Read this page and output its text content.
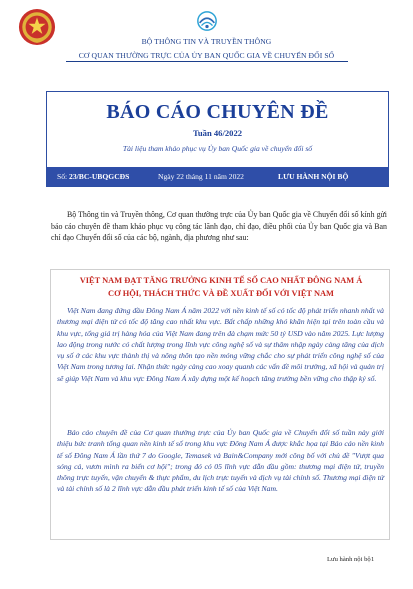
BỘ THÔNG TIN VÀ TRUYỀN THÔNG
CƠ QUAN THƯỜNG TRỰC CỦA ỦY BAN QUỐC GIA VỀ CHUYỂN ĐỔI SỐ
BÁO CÁO CHUYÊN ĐỀ
Tuần 46/2022
Tài liệu tham khảo phục vụ Ủy ban Quốc gia về chuyển đổi số
Số: 23/BC-UBQGCĐS	Ngày 22 tháng 11 năm 2022	LƯU HÀNH NỘI BỘ
Bộ Thông tin và Truyền thông, Cơ quan thường trực của Ủy ban Quốc gia về Chuyển đổi số kính gửi báo cáo chuyên đề tham khảo phục vụ công tác lãnh đạo, chỉ đạo, điều phối của Ủy ban Quốc gia và Ban chỉ đạo Chuyển đổi số của các bộ, ngành, địa phương như sau:
VIỆT NAM ĐẠT TĂNG TRƯỞNG KINH TẾ SỐ CAO NHẤT ĐÔNG NAM Á
CƠ HỘI, THÁCH THỨC VÀ ĐỀ XUẤT ĐỐI VỚI VIỆT NAM
Việt Nam đang đứng đầu Đông Nam Á năm 2022 với nền kinh tế số có tốc độ phát triển nhanh nhất và thương mại điện tử có tốc độ tăng cao nhất khu vực. Bất chấp những khó khăn hiện tại trên toàn cầu và khu vực, tổng giá trị hàng hóa của Việt Nam đang trên đà chạm mức 50 tỷ USD vào năm 2025. Lực lượng lao động trong nước có chất lượng trong lĩnh vực công nghệ số và sự thâm nhập ngày càng tăng của dịch vụ số ở các khu vực thành thị và nông thôn tạo nền móng vững chắc cho sự phát triển công nghệ số của Việt Nam trong tương lai. Nhận thức ngày càng cao xoay quanh các vấn đề môi trường, xã hội và quản trị sẽ giúp Việt Nam và khu vực Đông Nam Á xây dựng một kế hoạch tăng trưởng bền vững cho thập kỷ số.
Báo cáo chuyên đề của Cơ quan thường trực của Ủy ban Quốc gia về Chuyển đổi số tuần này giới thiệu bức tranh tổng quan nền kinh tế số trong khu vực Đông Nam Á được khắc họa tại Báo cáo nền kinh tế số Đông Nam Á lần thứ 7 do Google, Temasek và Bain&Company mới công bố với chủ đề "Vượt qua sóng cả, vươn mình ra biển cơ hội"; trong đó có 05 lĩnh vực dẫn đầu gồm: thương mại điện tử, truyền thông trực tuyến, vận chuyển & thực phẩm, du lịch trực tuyến và dịch vụ tài chính số. Thương mại điện tử và tài chính số là 2 lĩnh vực dẫn đầu phát triển kinh tế số của Việt Nam.
Lưu hành nội bộ 1
